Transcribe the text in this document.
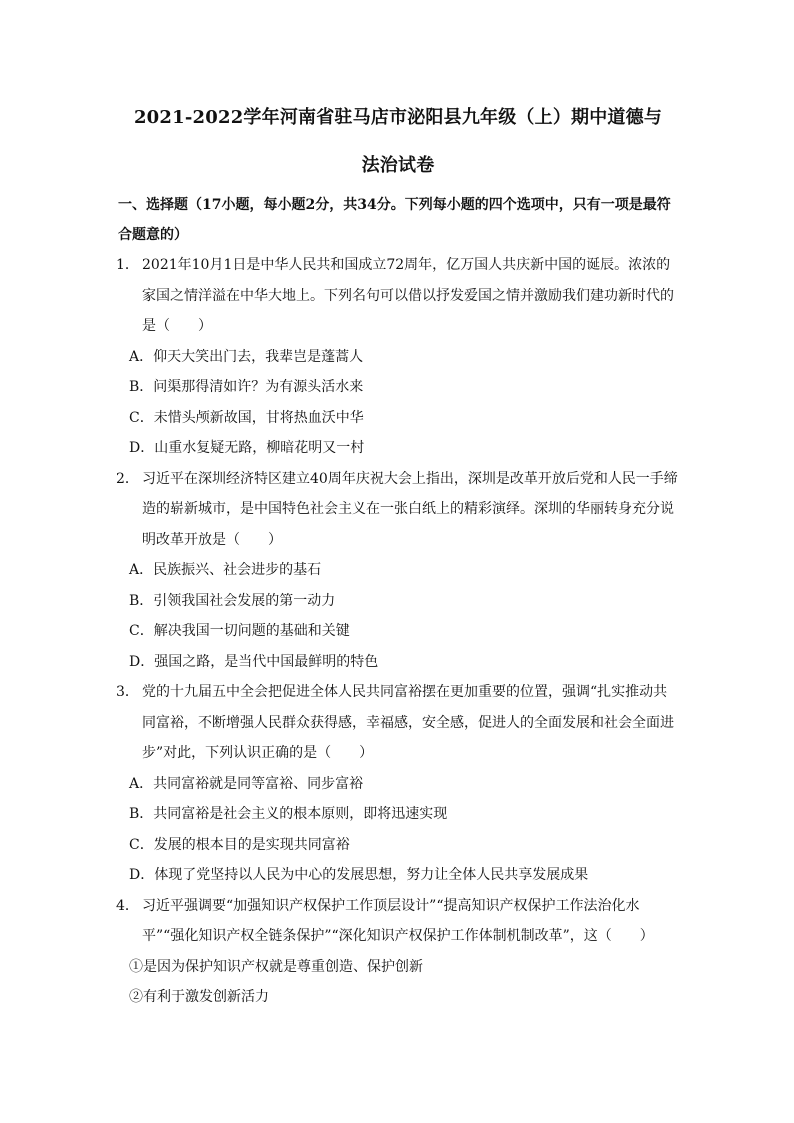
2021-2022学年河南省驻马店市泌阳县九年级（上）期中道德与
法治试卷

一、选择题（17小题，每小题2分，共34分。下列每小题的四个选项中，只有一项是最符合题意的）

1． 2021年10月1日是中华人民共和国成立72周年，亿万国人共庆新中国的诞辰。浓浓的家国之情洋溢在中华大地上。下列名句可以借以抒发爱国之情并激励我们建功新时代的是（　　）

A．仰天大笑出门去，我辈岂是蓬蒿人

B．问渠那得清如许？为有源头活水来

C．未惜头颅新故国，甘将热血沃中华

D．山重水复疑无路，柳暗花明又一村

2． 习近平在深圳经济特区建立40周年庆祝大会上指出，深圳是改革开放后党和人民一手缔造的崭新城市，是中国特色社会主义在一张白纸上的精彩演绎。深圳的华丽转身充分说明改革开放是（　　）

A．民族振兴、社会进步的基石

B．引领我国社会发展的第一动力

C．解决我国一切问题的基础和关键

D．强国之路，是当代中国最鲜明的特色

3． 党的十九届五中全会把促进全体人民共同富裕摆在更加重要的位置，强调“扎实推动共同富裕，不断增强人民群众获得感，幸福感，安全感，促进人的全面发展和社会全面进步”对此，下列认识正确的是（　　）

A．共同富裕就是同等富裕、同步富裕

B．共同富裕是社会主义的根本原则，即将迅速实现

C．发展的根本目的是实现共同富裕

D．体现了党坚持以人民为中心的发展思想，努力让全体人民共享发展成果

4． 习近平强调要“加强知识产权保护工作顶层设计”“提高知识产权保护工作法治化水平”“强化知识产权全链条保护”“深化知识产权保护工作体制机制改革”，这（　　）

①是因为保护知识产权就是尊重创造、保护创新

②有利于激发创新活力
